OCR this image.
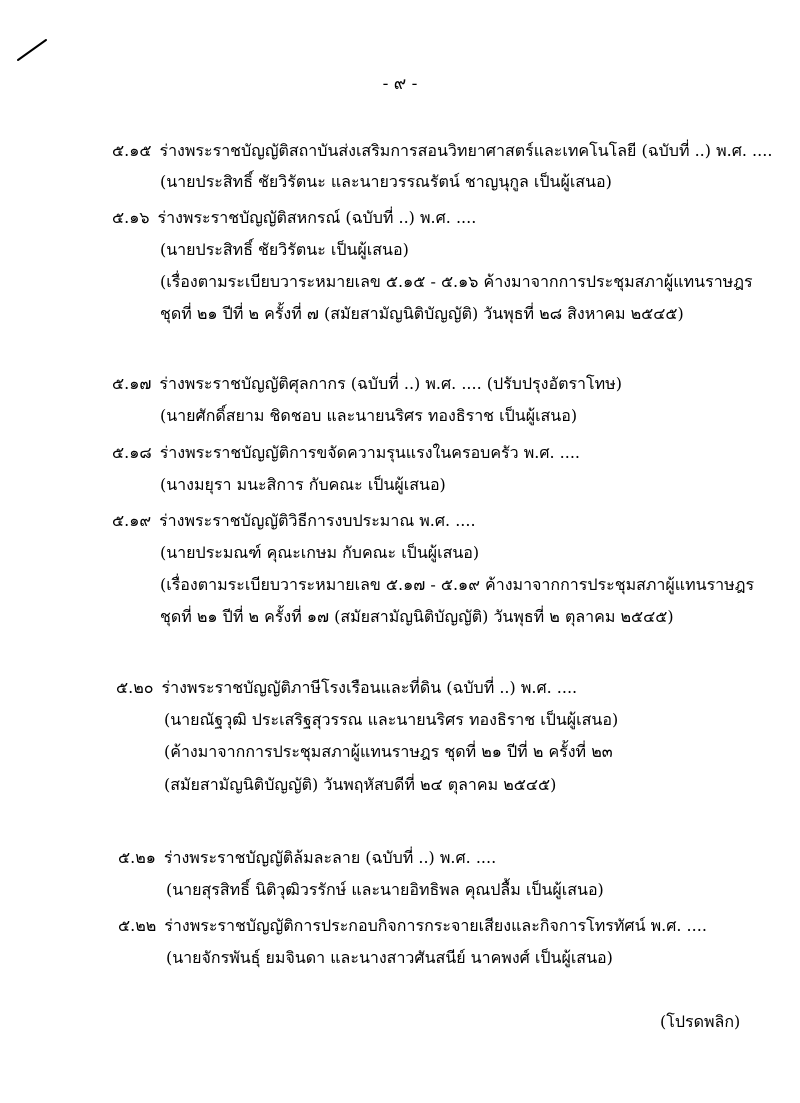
- ๙ -
๕.๑๕ ร่างพระราชบัญญัติสถาบันส่งเสริมการสอนวิทยาศาสตร์และเทคโนโลยี (ฉบับที่ ..) พ.ศ. ....
(นายประสิทธิ์ ชัยวิรัตนะ และนายวรรณรัตน์ ชาญนุกูล เป็นผู้เสนอ)
๕.๑๖ ร่างพระราชบัญญัติสหกรณ์ (ฉบับที่ ..) พ.ศ. ....
(นายประสิทธิ์ ชัยวิรัตนะ เป็นผู้เสนอ)
(เรื่องตามระเบียบวาระหมายเลข ๕.๑๕ - ๕.๑๖ ค้างมาจากการประชุมสภาผู้แทนราษฎร
ชุดที่ ๒๑ ปีที่ ๒ ครั้งที่ ๗ (สมัยสามัญนิติบัญญัติ) วันพุธที่ ๒๘ สิงหาคม ๒๕๔๕)
๕.๑๗ ร่างพระราชบัญญัติศุลกากร (ฉบับที่ ..) พ.ศ. .... (ปรับปรุงอัตราโทษ)
(นายศักดิ์สยาม ชิดชอบ และนายนริศร ทองธิราช เป็นผู้เสนอ)
๕.๑๘ ร่างพระราชบัญญัติการขจัดความรุนแรงในครอบครัว พ.ศ. ....
(นางมยุรา มนะสิการ กับคณะ เป็นผู้เสนอ)
๕.๑๙ ร่างพระราชบัญญัติวิธีการงบประมาณ พ.ศ. ....
(นายประมณฑ์ คุณะเกษม กับคณะ เป็นผู้เสนอ)
(เรื่องตามระเบียบวาระหมายเลข ๕.๑๗ - ๕.๑๙ ค้างมาจากการประชุมสภาผู้แทนราษฎร
ชุดที่ ๒๑ ปีที่ ๒ ครั้งที่ ๑๗ (สมัยสามัญนิติบัญญัติ) วันพุธที่ ๒ ตุลาคม ๒๕๔๕)
๕.๒๐ ร่างพระราชบัญญัติภาษีโรงเรือนและที่ดิน (ฉบับที่ ..) พ.ศ. ....
(นายณัฐวุฒิ ประเสริฐสุวรรณ และนายนริศร ทองธิราช เป็นผู้เสนอ)
(ค้างมาจากการประชุมสภาผู้แทนราษฎร ชุดที่ ๒๑ ปีที่ ๒ ครั้งที่ ๒๓
(สมัยสามัญนิติบัญญัติ) วันพฤหัสบดีที่ ๒๔ ตุลาคม ๒๕๔๕)
๕.๒๑ ร่างพระราชบัญญัติล้มละลาย (ฉบับที่ ..) พ.ศ. ....
(นายสุรสิทธิ์ นิติวุฒิวรรักษ์ และนายอิทธิพล คุณปลื้ม เป็นผู้เสนอ)
๕.๒๒ ร่างพระราชบัญญัติการประกอบกิจการกระจายเสียงและกิจการโทรทัศน์ พ.ศ. ....
(นายจักรพันธุ์ ยมจินดา และนางสาวศันสนีย์ นาคพงศ์ เป็นผู้เสนอ)
(โปรดพลิก)
